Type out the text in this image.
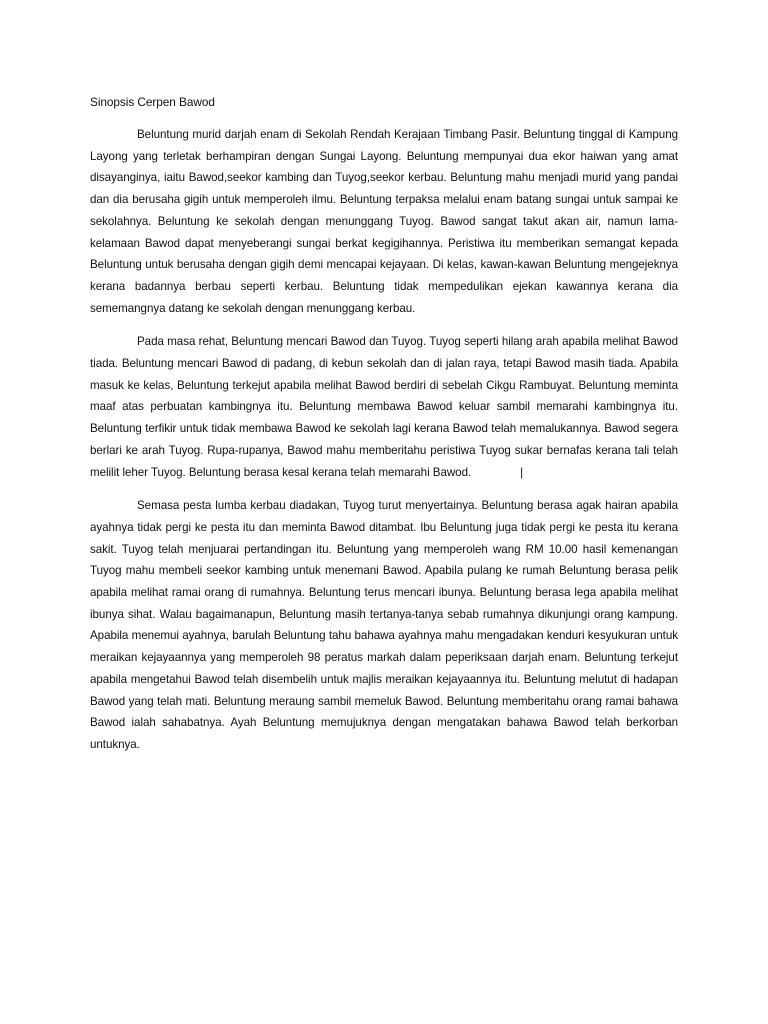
Sinopsis Cerpen Bawod

Beluntung murid darjah enam di Sekolah Rendah Kerajaan Timbang Pasir. Beluntung tinggal di Kampung Layong yang terletak berhampiran dengan Sungai Layong. Beluntung mempunyai dua ekor haiwan yang amat disayanginya, iaitu Bawod,seekor kambing dan Tuyog,seekor kerbau. Beluntung mahu menjadi murid yang pandai dan dia berusaha gigih untuk memperoleh ilmu. Beluntung terpaksa melalui enam batang sungai untuk sampai ke sekolahnya. Beluntung ke sekolah dengan menunggang Tuyog. Bawod sangat takut akan air, namun lama-kelamaan Bawod dapat menyeberangi sungai berkat kegigihannya. Peristiwa itu memberikan semangat kepada Beluntung untuk berusaha dengan gigih demi mencapai kejayaan. Di kelas, kawan-kawan Beluntung mengejeknya kerana badannya berbau seperti kerbau. Beluntung tidak mempedulikan ejekan kawannya kerana dia sememangnya datang ke sekolah dengan menunggang kerbau.

Pada masa rehat, Beluntung mencari Bawod dan Tuyog. Tuyog seperti hilang arah apabila melihat Bawod tiada. Beluntung mencari Bawod di padang, di kebun sekolah dan di jalan raya, tetapi Bawod masih tiada. Apabila masuk ke kelas, Beluntung terkejut apabila melihat Bawod berdiri di sebelah Cikgu Rambuyat. Beluntung meminta maaf atas perbuatan kambingnya itu. Beluntung membawa Bawod keluar sambil memarahi kambingnya itu. Beluntung terfikir untuk tidak membawa Bawod ke sekolah lagi kerana Bawod telah memalukannya. Bawod segera berlari ke arah Tuyog. Rupa-rupanya, Bawod mahu memberitahu peristiwa Tuyog sukar bernafas kerana tali telah melilit leher Tuyog. Beluntung berasa kesal kerana telah memarahi Bawod.	|

Semasa pesta lumba kerbau diadakan, Tuyog turut menyertainya. Beluntung berasa agak hairan apabila ayahnya tidak pergi ke pesta itu dan meminta Bawod ditambat. Ibu Beluntung juga tidak pergi ke pesta itu kerana sakit. Tuyog telah menjuarai pertandingan itu. Beluntung yang memperoleh wang RM 10.00 hasil kemenangan Tuyog mahu membeli seekor kambing untuk menemani Bawod. Apabila pulang ke rumah Beluntung berasa pelik apabila melihat ramai orang di rumahnya. Beluntung terus mencari ibunya. Beluntung berasa lega apabila melihat ibunya sihat. Walau bagaimanapun, Beluntung masih tertanya-tanya sebab rumahnya dikunjungi orang kampung. Apabila menemui ayahnya, barulah Beluntung tahu bahawa ayahnya mahu mengadakan kenduri kesyukuran untuk meraikan kejayaannya yang memperoleh 98 peratus markah dalam peperiksaan darjah enam. Beluntung terkejut apabila mengetahui Bawod telah disembelih untuk majlis meraikan kejayaannya itu. Beluntung melutut di hadapan Bawod yang telah mati. Beluntung meraung sambil memeluk Bawod. Beluntung memberitahu orang ramai bahawa Bawod ialah sahabatnya. Ayah Beluntung memujuknya dengan mengatakan bahawa Bawod telah berkorban untuknya.
